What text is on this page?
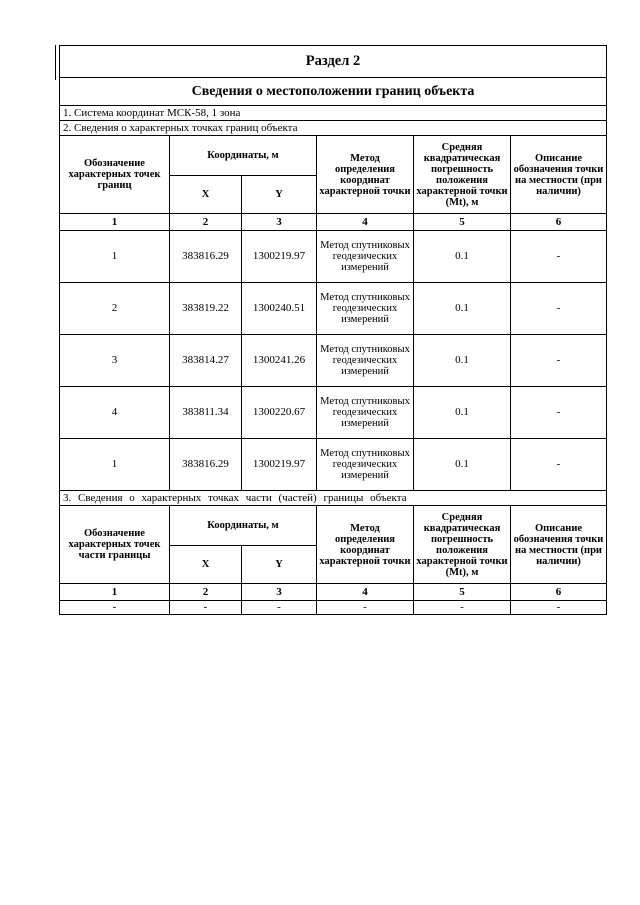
Раздел 2					
Сведения о местоположении границ объекта					
1. Система координат МСК-58, 1 зона					
2. Сведения о характерных точках границ объекта					
Обозначение характерных точек границ	Координаты, м		Метод определения координат характерной точки	Средняя квадратическая погрешность положения характерной точки (Mt), м	Описание обозначения точки на местности (при наличии)
	X	Y			
1	2	3	4	5	6
1	383816.29	1300219.97	Метод спутниковых геодезических измерений	0.1	-
2	383819.22	1300240.51	Метод спутниковых геодезических измерений	0.1	-
3	383814.27	1300241.26	Метод спутниковых геодезических измерений	0.1	-
4	383811.34	1300220.67	Метод спутниковых геодезических измерений	0.1	-
1	383816.29	1300219.97	Метод спутниковых геодезических измерений	0.1	-
3. Сведения о характерных точках части (частей) границы объекта					
Обозначение характерных точек части границы	Координаты, м		Метод определения координат характерной точки	Средняя квадратическая погрешность положения характерной точки (Mt), м	Описание обозначения точки на местности (при наличии)
	X	Y			
1	2	3	4	5	6
-	-	-	-	-	-
